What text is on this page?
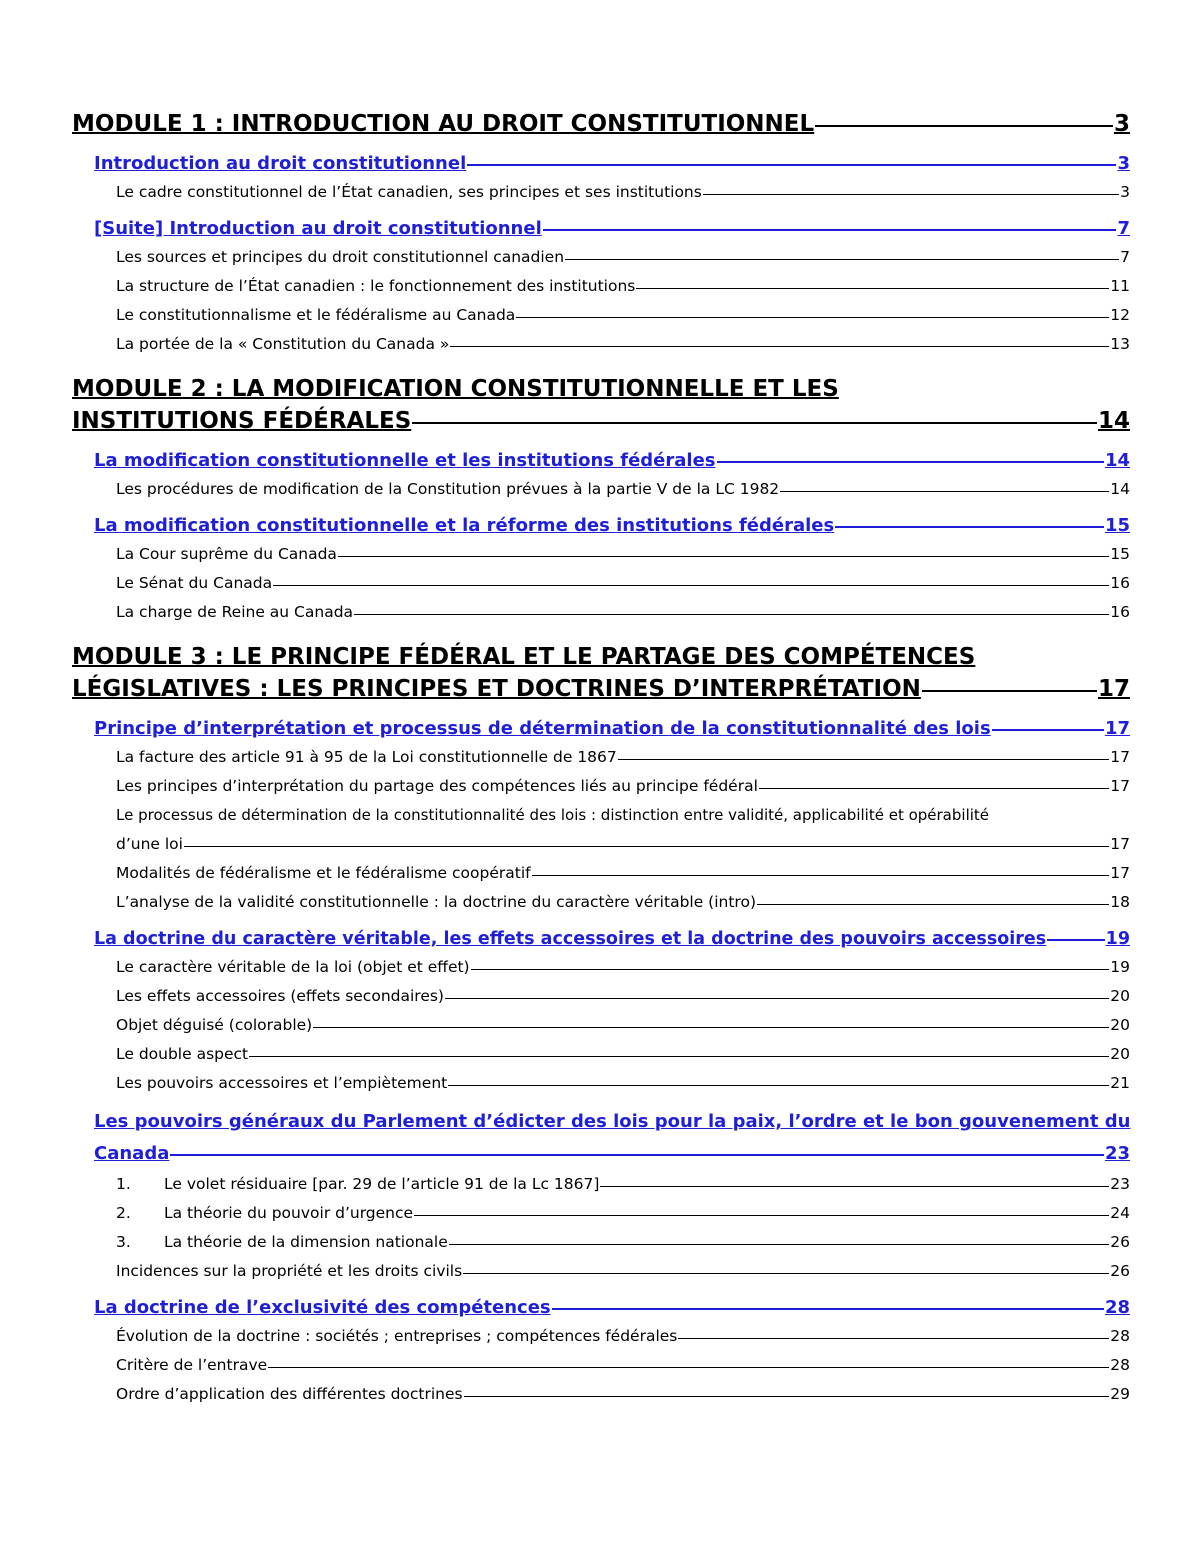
MODULE 1 : INTRODUCTION AU DROIT CONSTITUTIONNEL	3
Introduction au droit constitutionnel	3
Le cadre constitutionnel de l’État canadien, ses principes et ses institutions	3
[Suite] Introduction au droit constitutionnel	7
Les sources et principes du droit constitutionnel canadien	7
La structure de l’État canadien : le fonctionnement des institutions	11
Le constitutionnalisme et le fédéralisme au Canada	12
La portée de la « Constitution du Canada »	13
MODULE 2 : LA MODIFICATION CONSTITUTIONNELLE ET LES
INSTITUTIONS FÉDÉRALES	14
La modification constitutionnelle et les institutions fédérales	14
Les procédures de modification de la Constitution prévues à la partie V de la LC 1982	14
La modification constitutionnelle et la réforme des institutions fédérales	15
La Cour suprême du Canada	15
Le Sénat du Canada	16
La charge de Reine au Canada	16
MODULE 3 : LE PRINCIPE FÉDÉRAL ET LE PARTAGE DES COMPÉTENCES
LÉGISLATIVES : LES PRINCIPES ET DOCTRINES D’INTERPRÉTATION	17
Principe d’interprétation et processus de détermination de la constitutionnalité des lois	17
La facture des article 91 à 95 de la Loi constitutionnelle de 1867	17
Les principes d’interprétation du partage des compétences liés au principe fédéral	17
Le processus de détermination de la constitutionnalité des lois : distinction entre validité, applicabilité et opérabilité
d’une loi	17
Modalités de fédéralisme et le fédéralisme coopératif	17
L’analyse de la validité constitutionnelle : la doctrine du caractère véritable (intro)	18
La doctrine du caractère véritable, les effets accessoires et la doctrine des pouvoirs accessoires	19
Le caractère véritable de la loi (objet et effet)	19
Les effets accessoires (effets secondaires)	20
Objet déguisé (colorable)	20
Le double aspect	20
Les pouvoirs accessoires et l’empiètement	21
Les pouvoirs généraux du Parlement d’édicter des lois pour la paix, l’ordre et le bon gouvenement du
Canada	23
1. Le volet résiduaire [par. 29 de l’article 91 de la Lc 1867]	23
2. La théorie du pouvoir d’urgence	24
3. La théorie de la dimension nationale	26
Incidences sur la propriété et les droits civils	26
La doctrine de l’exclusivité des compétences	28
Évolution de la doctrine : sociétés ; entreprises ; compétences fédérales	28
Critère de l’entrave	28
Ordre d’application des différentes doctrines	29
